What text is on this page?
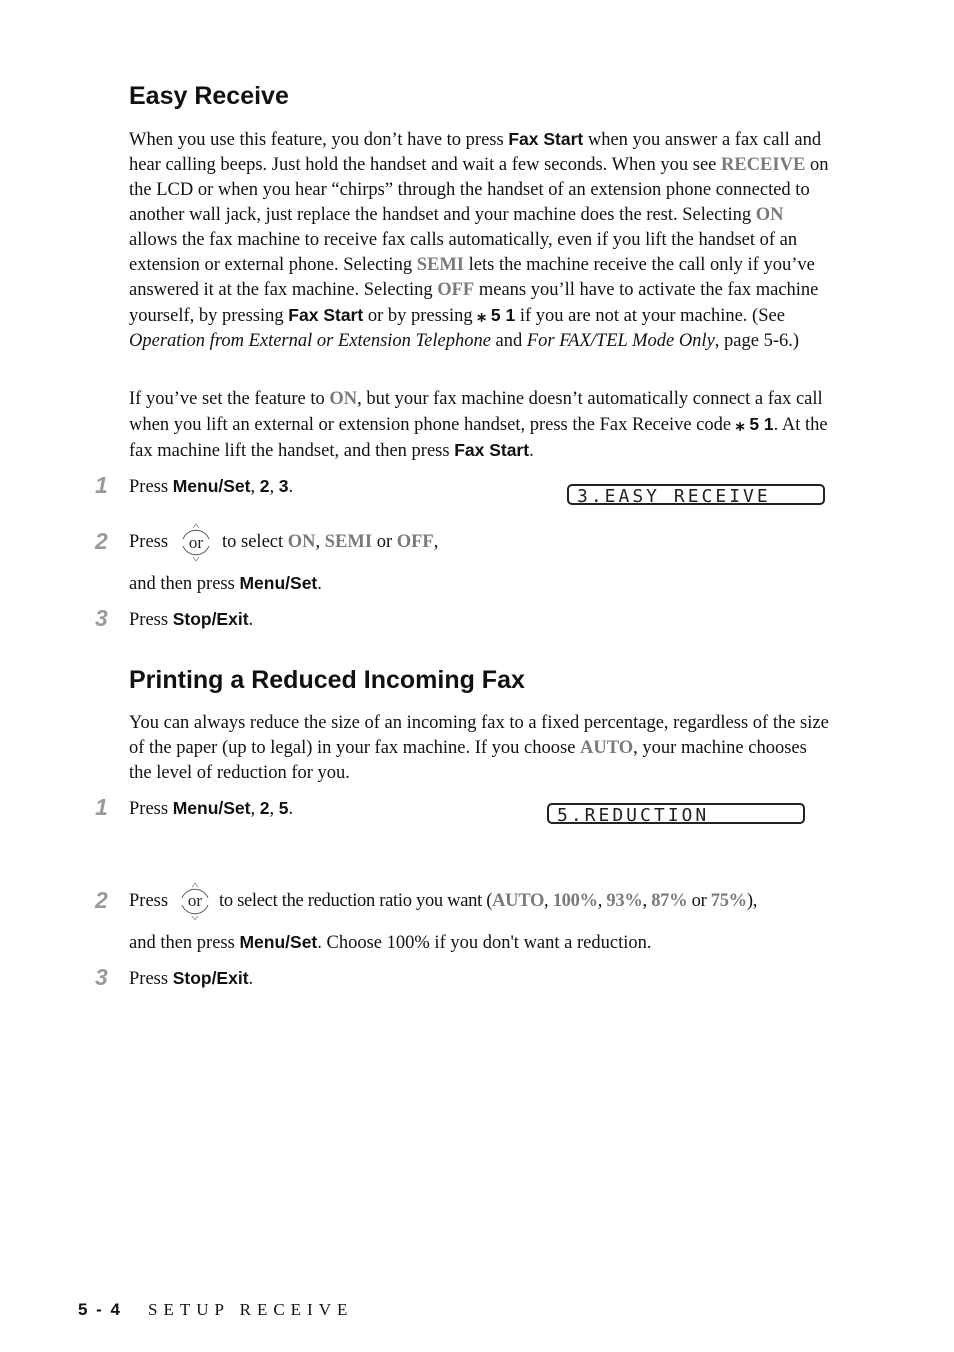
Easy Receive

When you use this feature, you don’t have to press Fax Start when you answer a fax call and hear calling beeps. Just hold the handset and wait a few seconds. When you see RECEIVE on the LCD or when you hear “chirps” through the handset of an extension phone connected to another wall jack, just replace the handset and your machine does the rest. Selecting ON allows the fax machine to receive fax calls automatically, even if you lift the handset of an extension or external phone. Selecting SEMI lets the machine receive the call only if you’ve answered it at the fax machine. Selecting OFF means you’ll have to activate the fax machine yourself, by pressing Fax Start or by pressing ⁎ 5 1 if you are not at your machine. (See Operation from External or Extension Telephone and For FAX/TEL Mode Only, page 5-6.)

If you’ve set the feature to ON, but your fax machine doesn’t automatically connect a fax call when you lift an external or extension phone handset, press the Fax Receive code ⁎ 5 1. At the fax machine lift the handset, and then press Fax Start.

1 Press Menu/Set, 2, 3.	3.EASY RECEIVE
2 Press or to select ON, SEMI or OFF,
and then press Menu/Set.
3 Press Stop/Exit.
Printing a Reduced Incoming Fax

You can always reduce the size of an incoming fax to a fixed percentage, regardless of the size of the paper (up to legal) in your fax machine. If you choose AUTO, your machine chooses the level of reduction for you.

1 Press Menu/Set, 2, 5.	5.REDUCTION
2 Press or to select the reduction ratio you want (AUTO, 100%, 93%, 87% or 75%),
and then press Menu/Set. Choose 100% if you don't want a reduction.
3 Press Stop/Exit.
5 - 4 SETUP RECEIVE
